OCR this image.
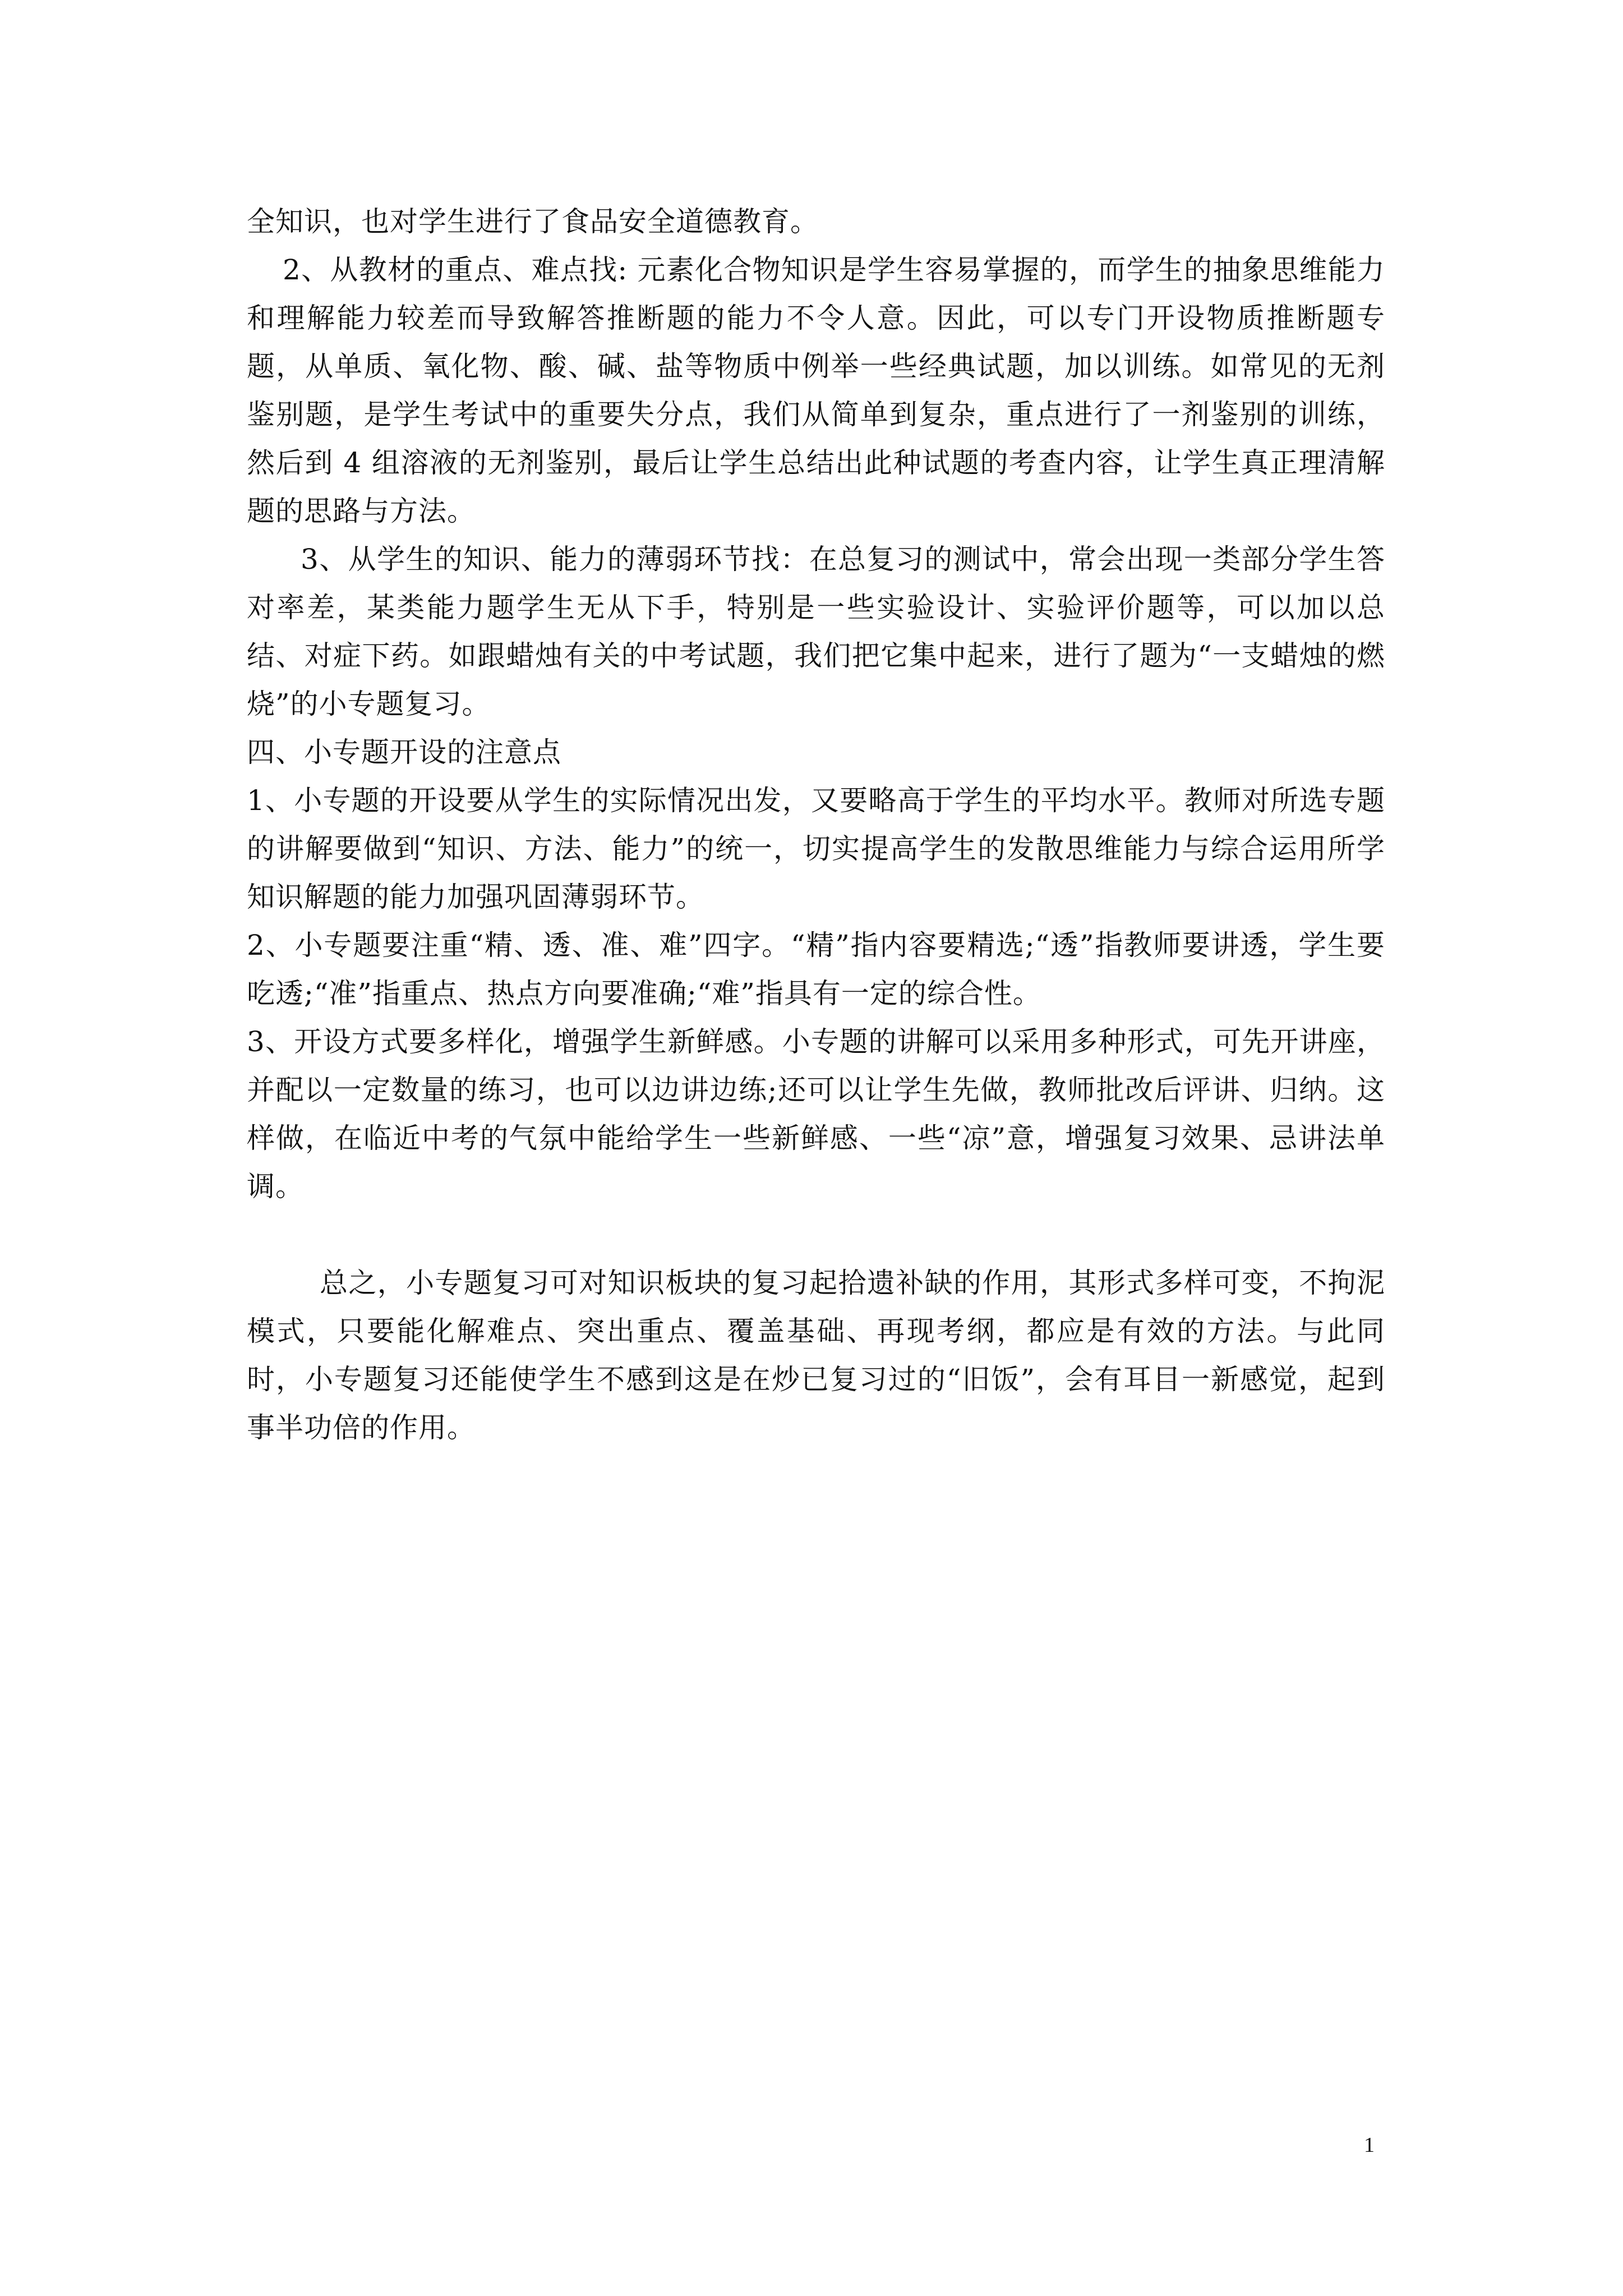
全知识，也对学生进行了食品安全道德教育。

2、从教材的重点、难点找: 元素化合物知识是学生容易掌握的，而学生的抽象思维能力和理解能力较差而导致解答推断题的能力不令人意。因此，可以专门开设物质推断题专题，从单质、氧化物、酸、碱、盐等物质中例举一些经典试题，加以训练。如常见的无剂鉴别题，是学生考试中的重要失分点，我们从简单到复杂，重点进行了一剂鉴别的训练，然后到 4 组溶液的无剂鉴别，最后让学生总结出此种试题的考查内容，让学生真正理清解题的思路与方法。

3、从学生的知识、能力的薄弱环节找：在总复习的测试中，常会出现一类部分学生答对率差，某类能力题学生无从下手，特别是一些实验设计、实验评价题等，可以加以总结、对症下药。如跟蜡烛有关的中考试题，我们把它集中起来，进行了题为“一支蜡烛的燃烧”的小专题复习。

四、小专题开设的注意点

1、小专题的开设要从学生的实际情况出发，又要略高于学生的平均水平。教师对所选专题的讲解要做到“知识、方法、能力”的统一，切实提高学生的发散思维能力与综合运用所学知识解题的能力加强巩固薄弱环节。

2、小专题要注重“精、透、准、难”四字。“精”指内容要精选;“透”指教师要讲透，学生要吃透;“准”指重点、热点方向要准确;“难”指具有一定的综合性。

3、开设方式要多样化，增强学生新鲜感。小专题的讲解可以采用多种形式，可先开讲座，并配以一定数量的练习，也可以边讲边练;还可以让学生先做，教师批改后评讲、归纳。这样做，在临近中考的气氛中能给学生一些新鲜感、一些“凉”意，增强复习效果、忌讲法单调。

总之，小专题复习可对知识板块的复习起拾遗补缺的作用，其形式多样可变，不拘泥模式，只要能化解难点、突出重点、覆盖基础、再现考纲，都应是有效的方法。与此同时，小专题复习还能使学生不感到这是在炒已复习过的“旧饭”，会有耳目一新感觉，起到事半功倍的作用。

1
